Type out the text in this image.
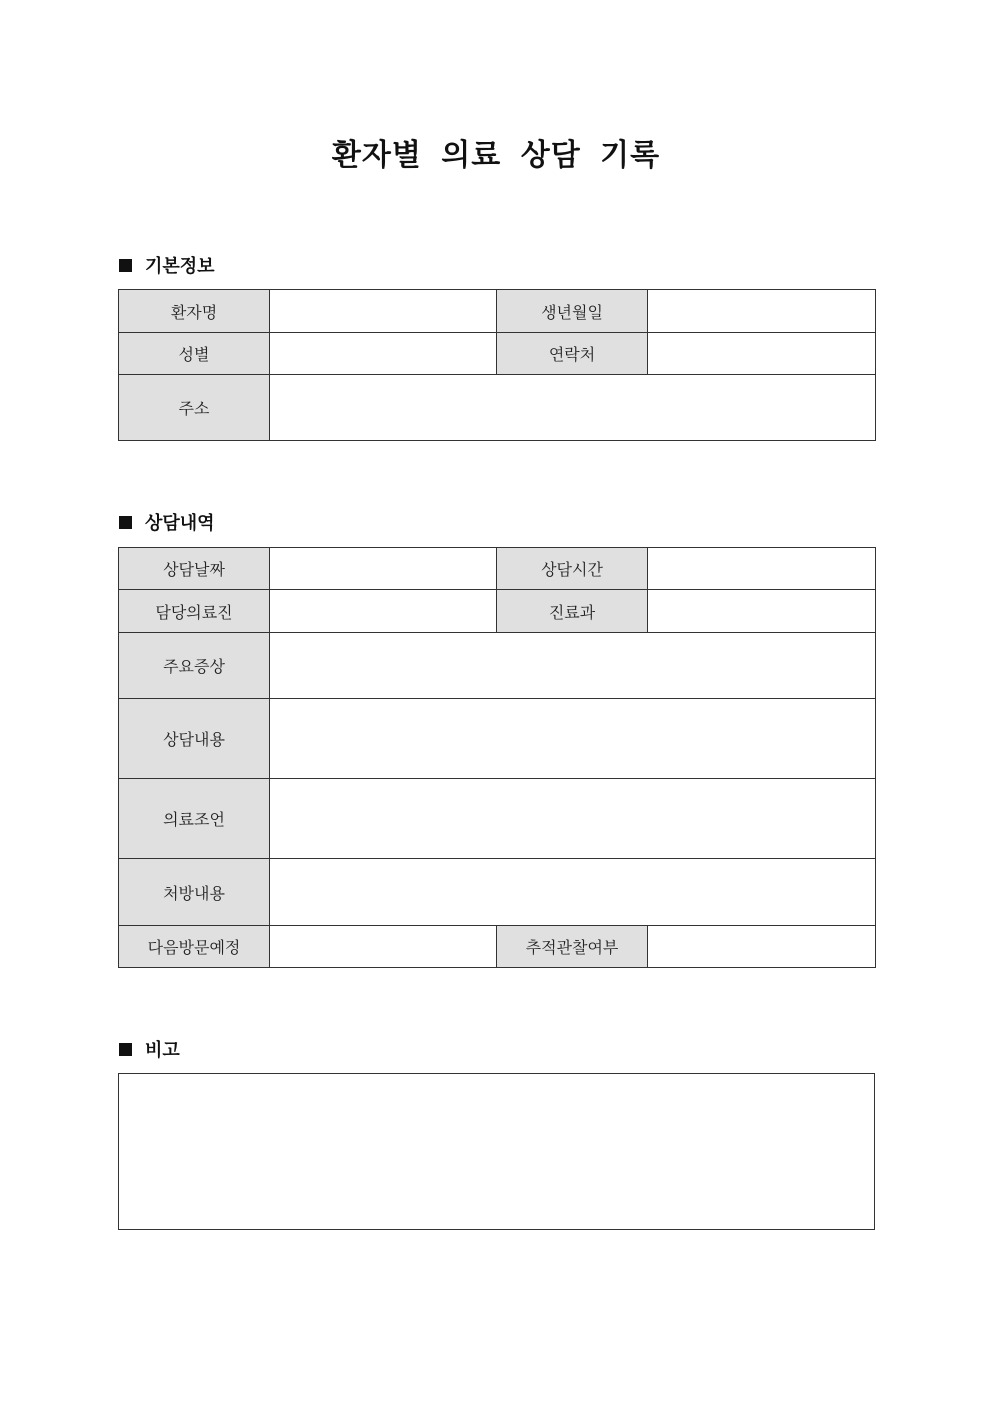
환자별 의료 상담 기록
기본정보
환자명		생년월일	
성별		연락처	
주소			
상담내역
상담날짜		상담시간	
담당의료진		진료과	
주요증상			
상담내용			
의료조언			
처방내용			
다음방문예정		추적관찰여부	
비고
